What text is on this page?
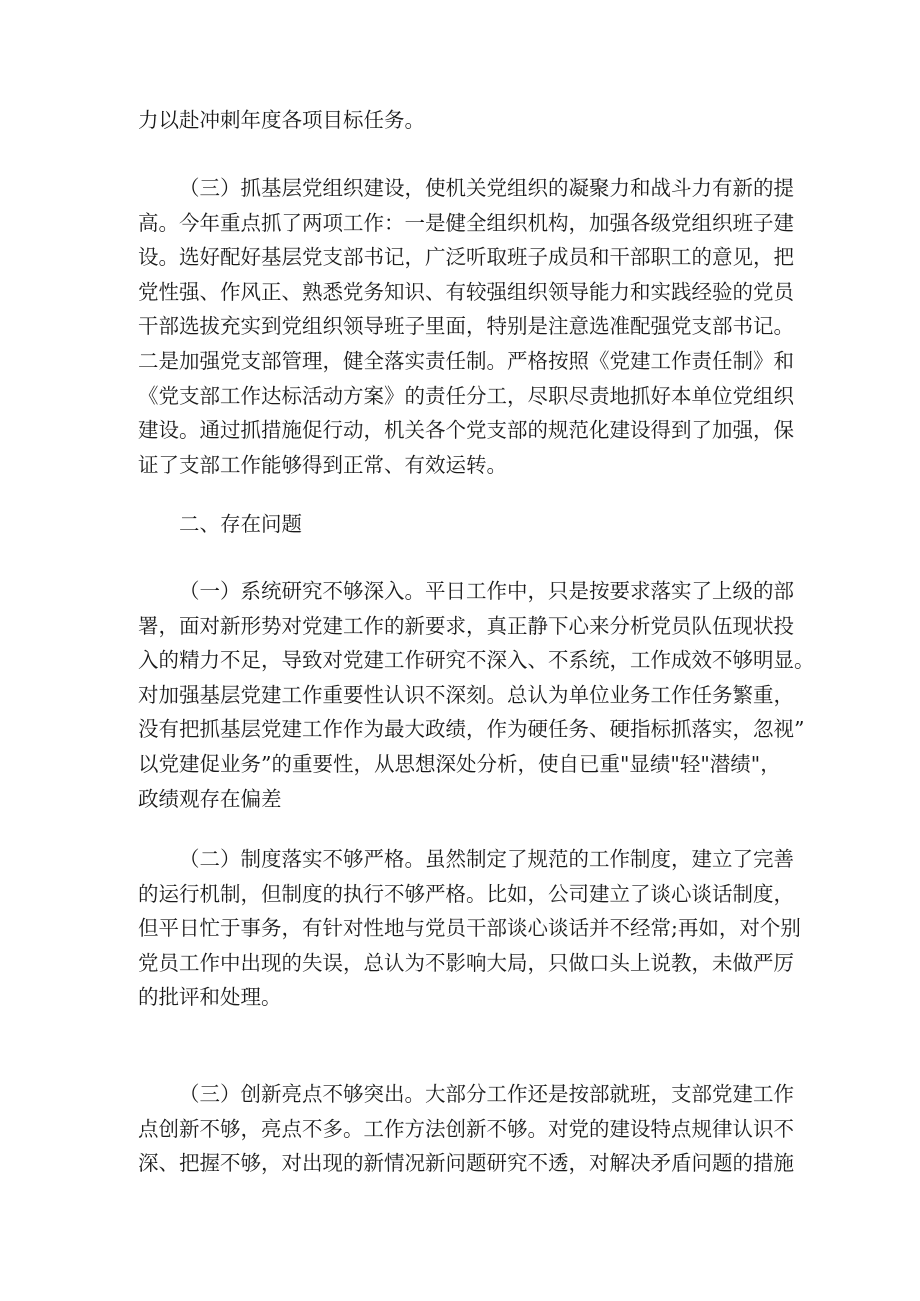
力以赴冲刺年度各项目标任务。
（三）抓基层党组织建设，使机关党组织的凝聚力和战斗力有新的提
高。今年重点抓了两项工作：一是健全组织机构，加强各级党组织班子建
设。选好配好基层党支部书记，广泛听取班子成员和干部职工的意见，把
党性强、作风正、熟悉党务知识、有较强组织领导能力和实践经验的党员
干部选拔充实到党组织领导班子里面，特别是注意选准配强党支部书记。
二是加强党支部管理，健全落实责任制。严格按照《党建工作责任制》和
《党支部工作达标活动方案》的责任分工，尽职尽责地抓好本单位党组织
建设。通过抓措施促行动，机关各个党支部的规范化建设得到了加强，保
证了支部工作能够得到正常、有效运转。
二、存在问题
（一）系统研究不够深入。平日工作中，只是按要求落实了上级的部
署，面对新形势对党建工作的新要求，真正静下心来分析党员队伍现状投
入的精力不足，导致对党建工作研究不深入、不系统，工作成效不够明显。
对加强基层党建工作重要性认识不深刻。总认为单位业务工作任务繁重，
没有把抓基层党建工作作为最大政绩，作为硬任务、硬指标抓落实，忽视”
以党建促业务”的重要性，从思想深处分析，使自已重"显绩"轻"潜绩"，
政绩观存在偏差
（二）制度落实不够严格。虽然制定了规范的工作制度，建立了完善
的运行机制，但制度的执行不够严格。比如，公司建立了谈心谈话制度，
但平日忙于事务，有针对性地与党员干部谈心谈话并不经常;再如，对个别
党员工作中出现的失误，总认为不影响大局，只做口头上说教，未做严厉
的批评和处理。
（三）创新亮点不够突出。大部分工作还是按部就班，支部党建工作
点创新不够，亮点不多。工作方法创新不够。对党的建设特点规律认识不
深、把握不够，对出现的新情况新问题研究不透，对解决矛盾问题的措施
